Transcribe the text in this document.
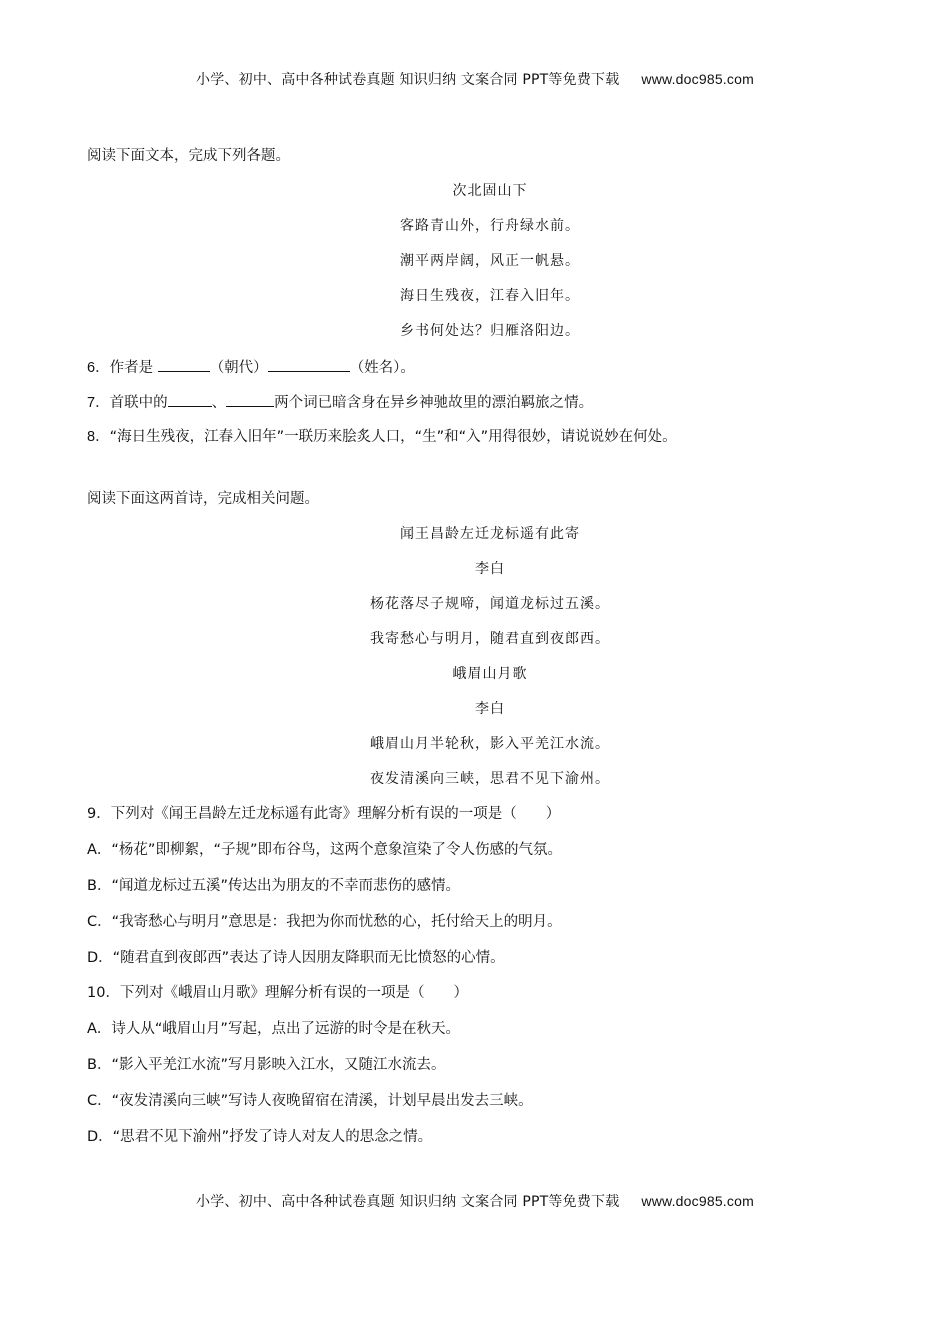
小学、初中、高中各种试卷真题 知识归纳 文案合同 PPT等免费下载 www.doc985.com
阅读下面文本，完成下列各题。
次北固山下
客路青山外，行舟绿水前。
潮平两岸阔，风正一帆悬。
海日生残夜，江春入旧年。
乡书何处达？归雁洛阳边。
6．作者是	（朝代）	（姓名）。
7．首联中的	、	两个词已暗含身在异乡神驰故里的漂泊羁旅之情。
8．“海日生残夜，江春入旧年”一联历来脍炙人口，“生”和“入”用得很妙，请说说妙在何处。
阅读下面这两首诗，完成相关问题。
闻王昌龄左迁龙标遥有此寄
李白
杨花落尽子规啼，闻道龙标过五溪。
我寄愁心与明月，随君直到夜郎西。
峨眉山月歌
李白
峨眉山月半轮秋，影入平羌江水流。
夜发清溪向三峡，思君不见下渝州。
9．下列对《闻王昌龄左迁龙标遥有此寄》理解分析有误的一项是（　　）
A．“杨花”即柳絮，“子规”即布谷鸟，这两个意象渲染了令人伤感的气氛。
B．“闻道龙标过五溪”传达出为朋友的不幸而悲伤的感情。
C．“我寄愁心与明月”意思是：我把为你而忧愁的心，托付给天上的明月。
D．“随君直到夜郎西”表达了诗人因朋友降职而无比愤怒的心情。
10．下列对《峨眉山月歌》理解分析有误的一项是（　　）
A．诗人从“峨眉山月”写起，点出了远游的时令是在秋天。
B．“影入平羌江水流”写月影映入江水，又随江水流去。
C．“夜发清溪向三峡”写诗人夜晚留宿在清溪，计划早晨出发去三峡。
D．“思君不见下渝州”抒发了诗人对友人的思念之情。
小学、初中、高中各种试卷真题 知识归纳 文案合同 PPT等免费下载 www.doc985.com
